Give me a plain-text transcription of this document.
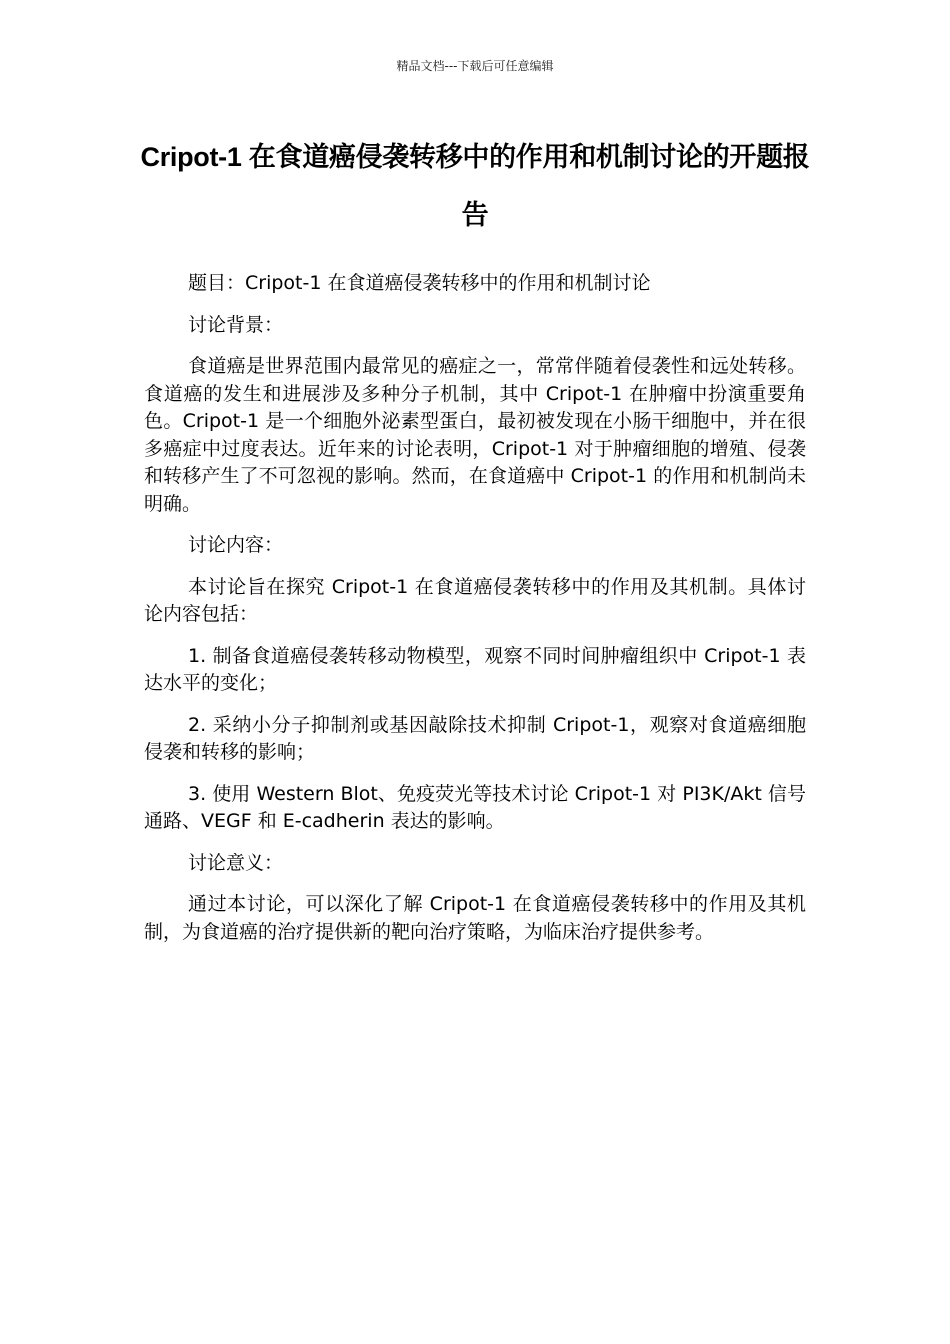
精品文档---下载后可任意编辑
Cripot-1 在食道癌侵袭转移中的作用和机制讨论的开题报告

题目：Cripot-1 在食道癌侵袭转移中的作用和机制讨论

讨论背景：

食道癌是世界范围内最常见的癌症之一，常常伴随着侵袭性和远处转移。食道癌的发生和进展涉及多种分子机制，其中 Cripot-1 在肿瘤中扮演重要角色。Cripot-1 是一个细胞外泌素型蛋白，最初被发现在小肠干细胞中，并在很多癌症中过度表达。近年来的讨论表明，Cripot-1 对于肿瘤细胞的增殖、侵袭和转移产生了不可忽视的影响。然而，在食道癌中 Cripot-1 的作用和机制尚未明确。

讨论内容：

本讨论旨在探究 Cripot-1 在食道癌侵袭转移中的作用及其机制。具体讨论内容包括：

1. 制备食道癌侵袭转移动物模型，观察不同时间肿瘤组织中 Cripot-1 表达水平的变化；

2. 采纳小分子抑制剂或基因敲除技术抑制 Cripot-1，观察对食道癌细胞侵袭和转移的影响；

3. 使用 Western Blot、免疫荧光等技术讨论 Cripot-1 对 PI3K/Akt 信号通路、VEGF 和 E-cadherin 表达的影响。

讨论意义：

通过本讨论，可以深化了解 Cripot-1 在食道癌侵袭转移中的作用及其机制，为食道癌的治疗提供新的靶向治疗策略，为临床治疗提供参考。
